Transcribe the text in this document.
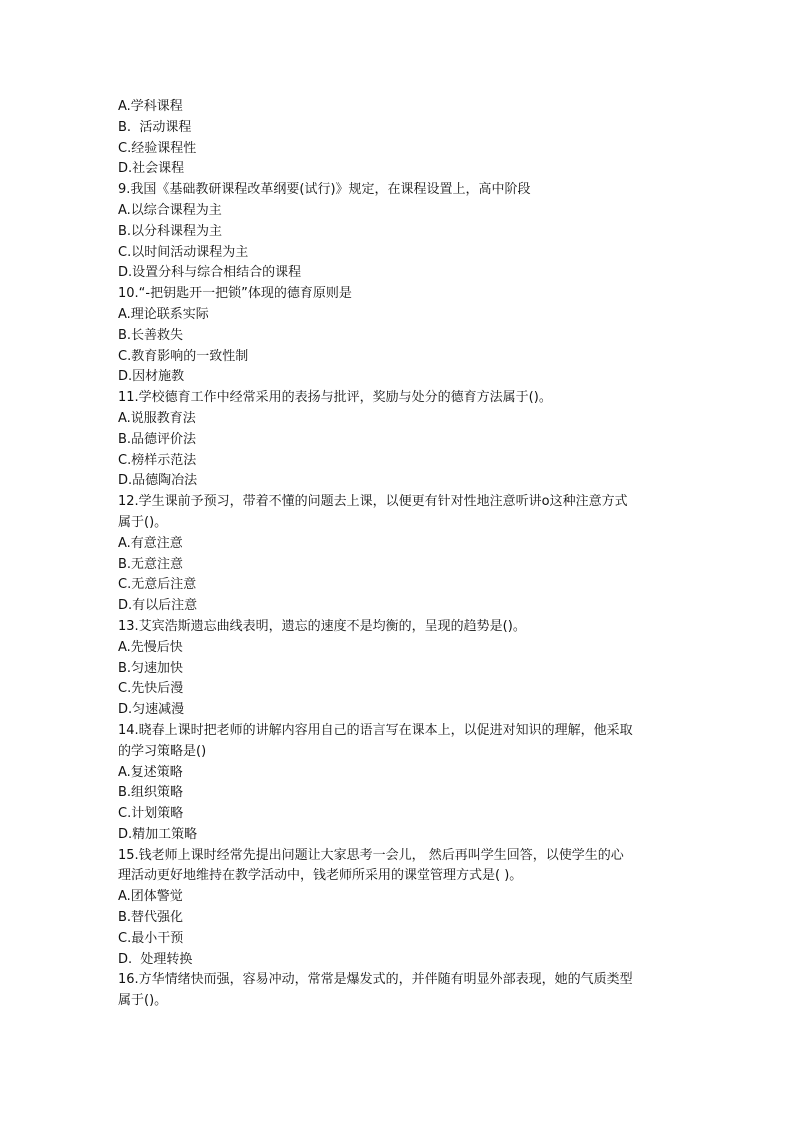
A.学科课程
B.  活动课程
C.经验课程性
D.社会课程
9.我国《基础教研课程改革纲要(试行)》规定，在课程设置上，高中阶段
A.以综合课程为主
B.以分科课程为主
C.以时间活动课程为主
D.设置分科与综合相结合的课程
10.“-把钥匙开一把锁”体现的德育原则是
A.理论联系实际
B.长善救失
C.教育影响的一致性制
D.因材施教
11.学校德育工作中经常采用的表扬与批评，奖励与处分的德育方法属于()。
A.说服教育法
B.品德评价法
C.榜样示范法
D.品德陶冶法
12.学生课前予预习，带着不懂的问题去上课，以便更有针对性地注意听讲o这种注意方式
属于()。
A.有意注意
B.无意注意
C.无意后注意
D.有以后注意
13.艾宾浩斯遗忘曲线表明，遗忘的速度不是均衡的，呈现的趋势是()。
A.先慢后快
B.匀速加快
C.先快后漫
D.匀速减漫
14.晓春上课时把老师的讲解内容用自己的语言写在课本上，以促进对知识的理解，他采取
的学习策略是()
A.复述策略
B.组织策略
C.计划策略
D.精加工策略
15.钱老师上课时经常先提出问题让大家思考一会儿， 然后再叫学生回答，以使学生的心
理活动更好地维持在教学活动中，钱老师所采用的课堂管理方式是( )。
A.团体警觉
B.替代强化
C.最小干预
D.  处理转换
16.方华情绪快而强，容易冲动，常常是爆发式的，并伴随有明显外部表现，她的气质类型
属于()。
